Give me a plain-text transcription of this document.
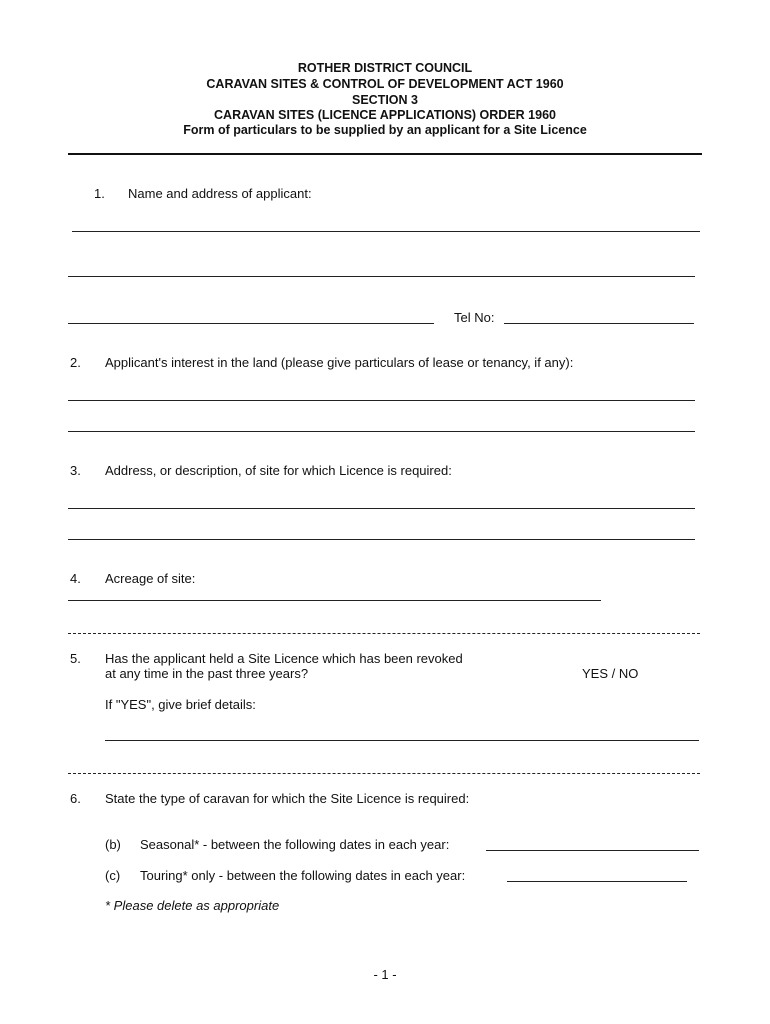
ROTHER DISTRICT COUNCIL
CARAVAN SITES & CONTROL OF DEVELOPMENT ACT 1960
SECTION 3
CARAVAN SITES (LICENCE APPLICATIONS) ORDER 1960
Form of particulars to be supplied by an applicant for a Site Licence
1. Name and address of applicant:
Tel No:
2. Applicant's interest in the land (please give particulars of lease or tenancy, if any):
3. Address, or description, of site for which Licence is required:
4. Acreage of site:
5. Has the applicant held a Site Licence which has been revoked
at any time in the past three years?	YES / NO
If "YES", give brief details:
6. State the type of caravan for which the Site Licence is required:
(b) Seasonal* - between the following dates in each year:
(c) Touring* only - between the following dates in each year:
* Please delete as appropriate
- 1 -
